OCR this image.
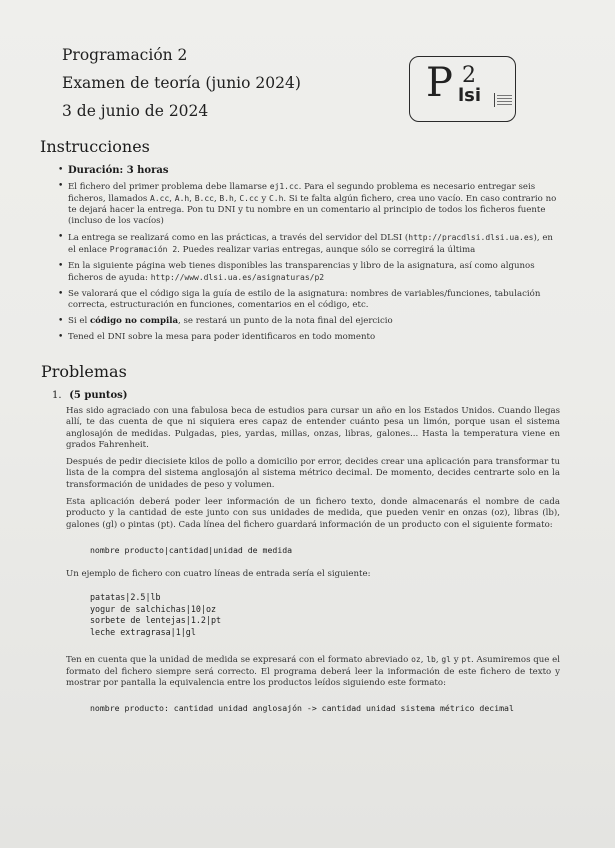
Programación 2
Examen de teoría (junio 2024)
3 de junio de 2024
P 2
lsi
Instrucciones
• Duración: 3 horas
• El fichero del primer problema debe llamarse ej1.cc. Para el segundo problema es necesario entregar seis ficheros, llamados A.cc, A.h, B.cc, B.h, C.cc y C.h. Si te falta algún fichero, crea uno vacío. En caso contrario no te dejará hacer la entrega. Pon tu DNI y tu nombre en un comentario al principio de todos los ficheros fuente (incluso de los vacíos)
• La entrega se realizará como en las prácticas, a través del servidor del DLSI (http://pracdlsi.dlsi.ua.es), en el enlace Programación 2. Puedes realizar varias entregas, aunque sólo se corregirá la última
• En la siguiente página web tienes disponibles las transparencias y libro de la asignatura, así como algunos ficheros de ayuda: http://www.dlsi.ua.es/asignaturas/p2
• Se valorará que el código siga la guía de estilo de la asignatura: nombres de variables/funciones, tabulación correcta, estructuración en funciones, comentarios en el código, etc.
• Si el código no compila, se restará un punto de la nota final del ejercicio
• Tened el DNI sobre la mesa para poder identificaros en todo momento
Problemas
1. (5 puntos)

Has sido agraciado con una fabulosa beca de estudios para cursar un año en los Estados Unidos. Cuando llegas allí, te das cuenta de que ni siquiera eres capaz de entender cuánto pesa un limón, porque usan el sistema anglosajón de medidas. Pulgadas, pies, yardas, millas, onzas, libras, galones... Hasta la temperatura viene en grados Fahrenheit.

Después de pedir diecisiete kilos de pollo a domicilio por error, decides crear una aplicación para transformar tu lista de la compra del sistema anglosajón al sistema métrico decimal. De momento, decides centrarte solo en la transformación de unidades de peso y volumen.

Esta aplicación deberá poder leer información de un fichero texto, donde almacenarás el nombre de cada producto y la cantidad de este junto con sus unidades de medida, que pueden venir en onzas (oz), libras (lb), galones (gl) o pintas (pt). Cada línea del fichero guardará información de un producto con el siguiente formato:

nombre producto|cantidad|unidad de medida

Un ejemplo de fichero con cuatro líneas de entrada sería el siguiente:

patatas|2.5|lb
yogur de salchichas|10|oz
sorbete de lentejas|1.2|pt
leche extragrasa|1|gl

Ten en cuenta que la unidad de medida se expresará con el formato abreviado oz, lb, gl y pt. Asumiremos que el formato del fichero siempre será correcto. El programa deberá leer la información de este fichero de texto y mostrar por pantalla la equivalencia entre los productos leídos siguiendo este formato:

nombre producto: cantidad unidad anglosajón -> cantidad unidad sistema métrico decimal
